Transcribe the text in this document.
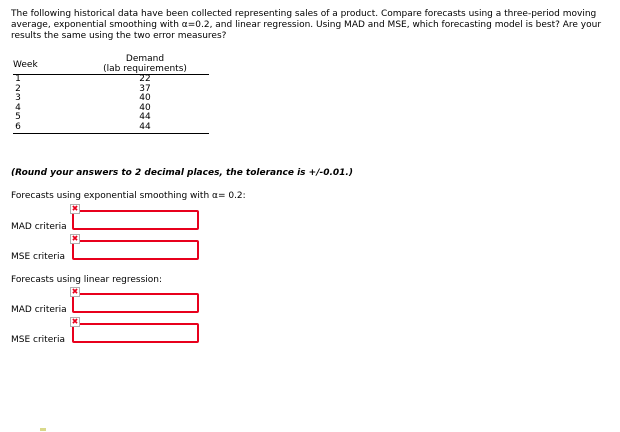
The following historical data have been collected representing sales of a product. Compare forecasts using a three-period moving average, exponential smoothing with α=0.2, and linear regression. Using MAD and MSE, which forecasting model is best? Are your results the same using the two error measures?

Week	Demand
(lab requirements)

1	22
2	37
3	40
4	40
5	44
6	44

(Round your answers to 2 decimal places, the tolerance is +/-0.01.)

Forecasts using exponential smoothing with α= 0.2:

MAD criteria
✖
MSE criteria
✖

Forecasts using linear regression:

MAD criteria
✖
MSE criteria
✖
